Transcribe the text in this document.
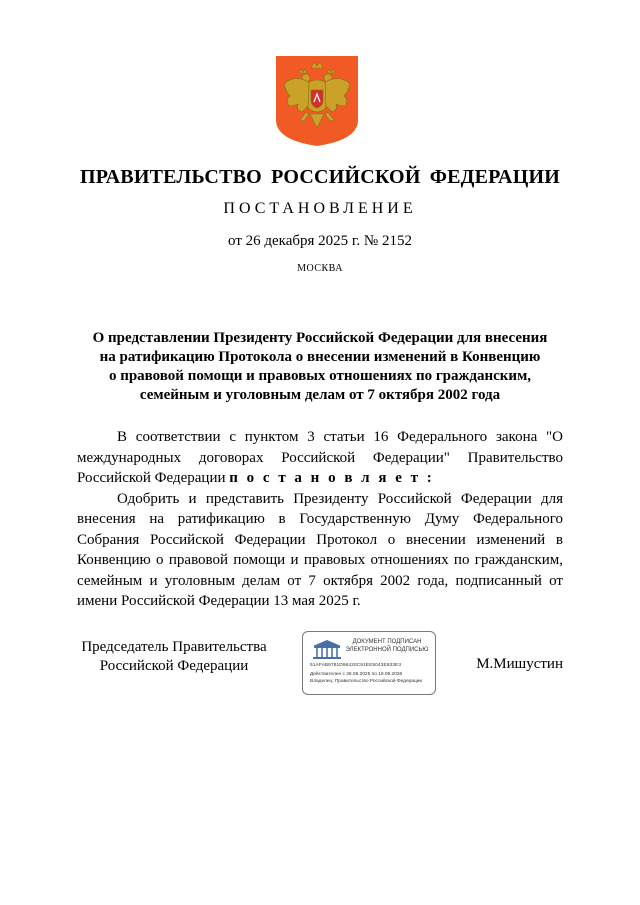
ПРАВИТЕЛЬСТВО РОССИЙСКОЙ ФЕДЕРАЦИИ
ПОСТАНОВЛЕНИЕ
от 26 декабря 2025 г. № 2152
МОСКВА
О представлении Президенту Российской Федерации для внесения
на ратификацию Протокола о внесении изменений в Конвенцию
о правовой помощи и правовых отношениях по гражданским,
семейным и уголовным делам от 7 октября 2002 года

В соответствии с пунктом 3 статьи 16 Федерального закона "О международных договорах Российской Федерации" Правительство Российской Федерации п о с т а н о в л я е т :

Одобрить и представить Президенту Российской Федерации для внесения на ратификацию в Государственную Думу Федерального Собрания Российской Федерации Протокол о внесении изменений в Конвенцию о правовой помощи и правовых отношениях по гражданским, семейным и уголовным делам от 7 октября 2002 года, подписанный от имени Российской Федерации 13 мая 2025 г.

Председатель Правительства
Российской Федерации
ДОКУМЕНТ ПОДПИСАН
ЭЛЕКТРОННОЙ ПОДПИСЬЮ
51AFAB8781D96420C91EE5043E933E3
Действителен с 26.06.2025 по 19.09.2026
Владелец: Правительство Российской Федерации
М.Мишустин
